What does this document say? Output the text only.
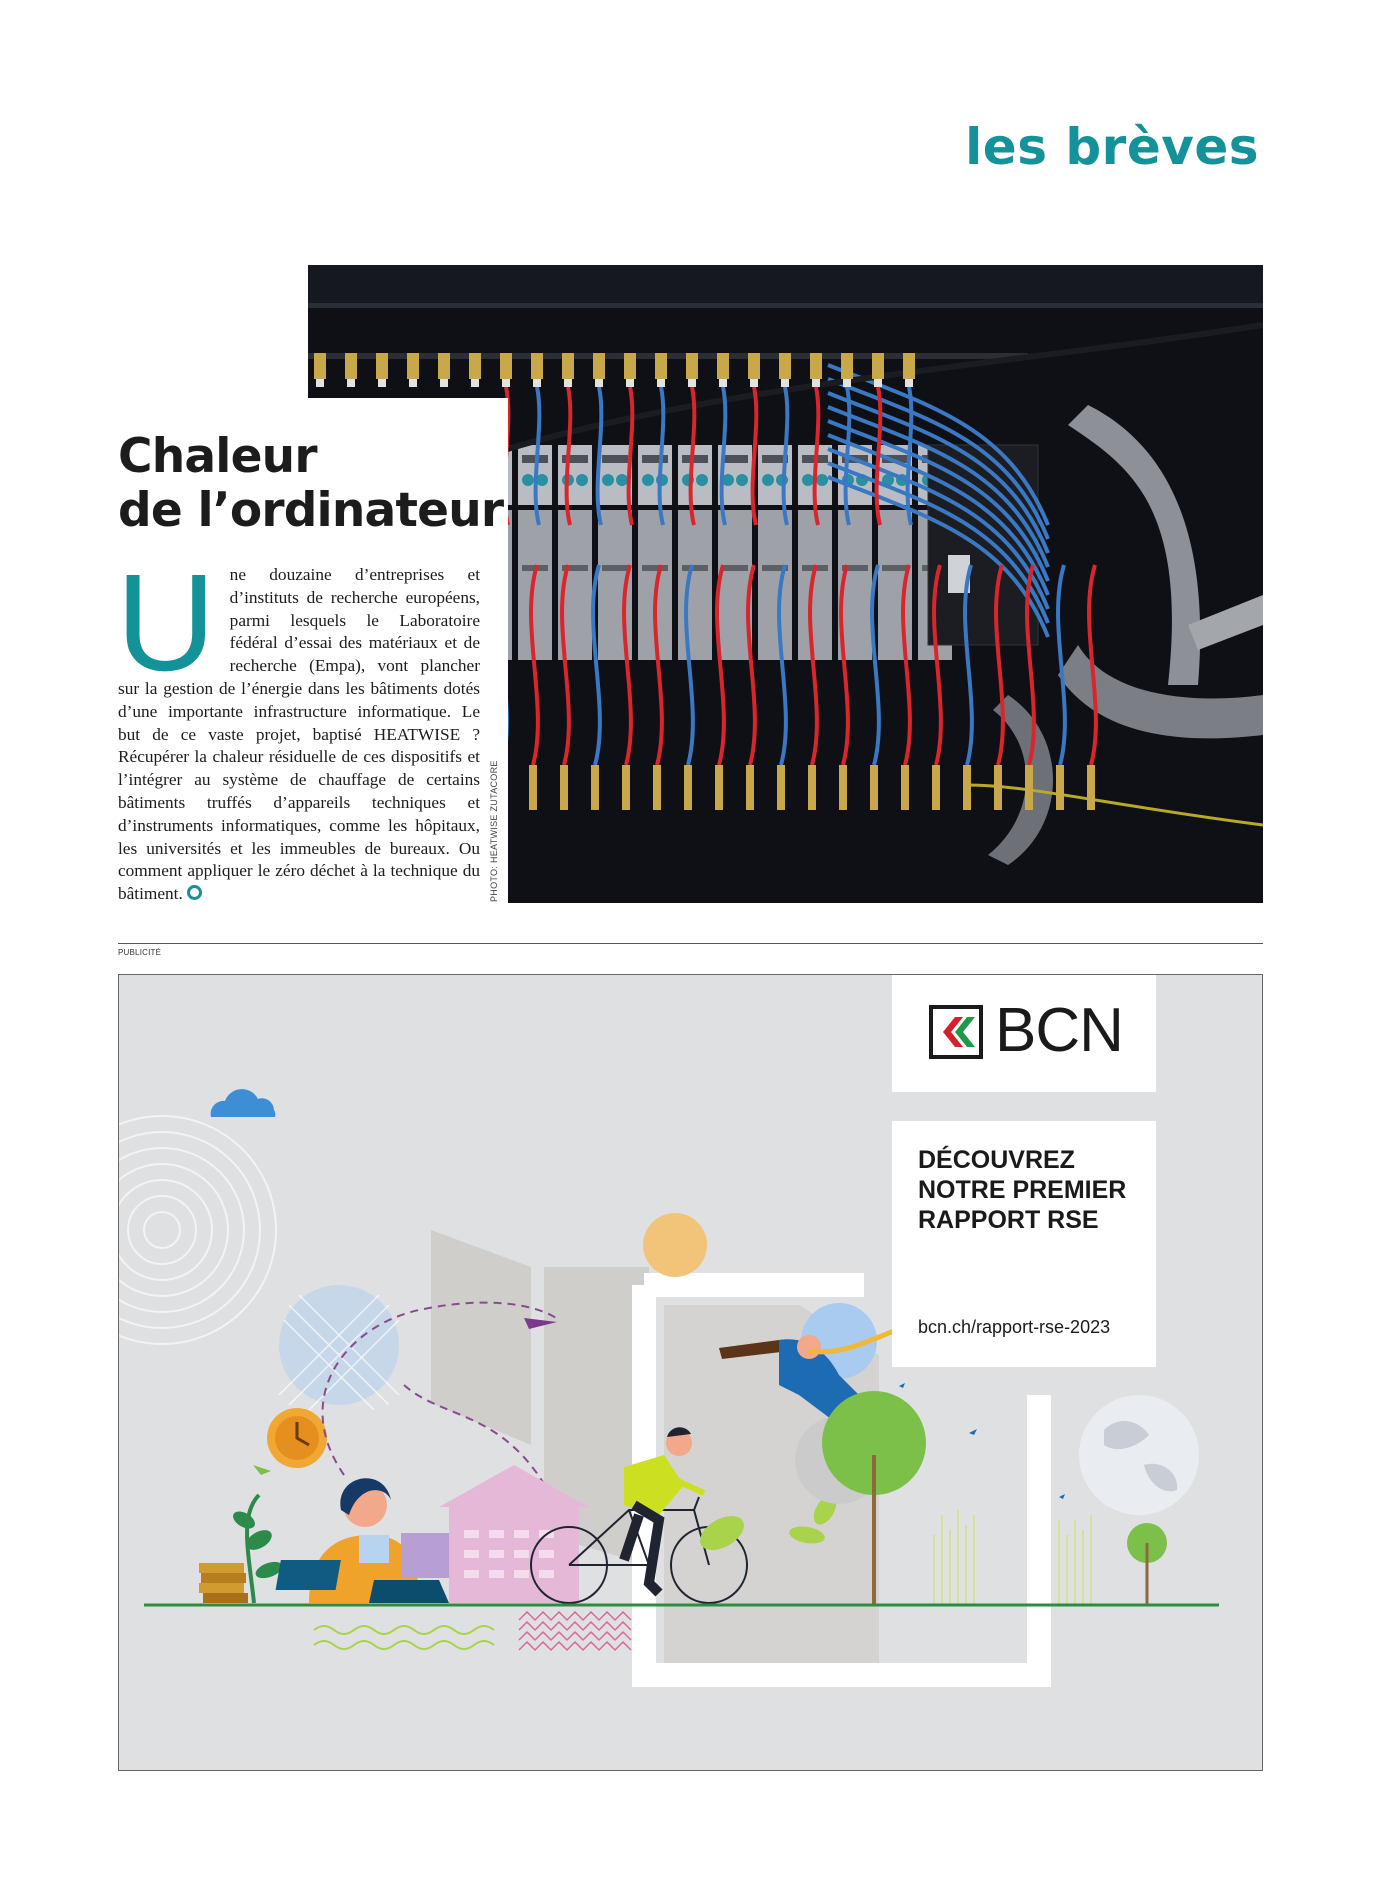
les brèves
PHOTO: HEATWISE ZUTACORE
Chaleur
de l’ordinateur
Une douzaine d’entreprises et d’instituts de recherche européens, parmi lesquels le Laboratoire fédéral d’essai des matériaux et de recherche (Empa), vont plancher sur la gestion de l’énergie dans les bâtiments dotés d’une importante infrastructure informatique. Le but de ce vaste projet, baptisé HEATWISE ? Récupérer la chaleur résiduelle de ces dispositifs et l’intégrer au système de chauffage de certains bâtiments truffés d’appareils techniques et d’instruments informatiques, comme les hôpitaux, les universités et les immeubles de bureaux. Ou comment appliquer le zéro déchet à la technique du bâtiment.
PUBLICITÉ
BCN
DÉCOUVREZ
NOTRE PREMIER
RAPPORT RSE
bcn.ch/rapport-rse-2023
